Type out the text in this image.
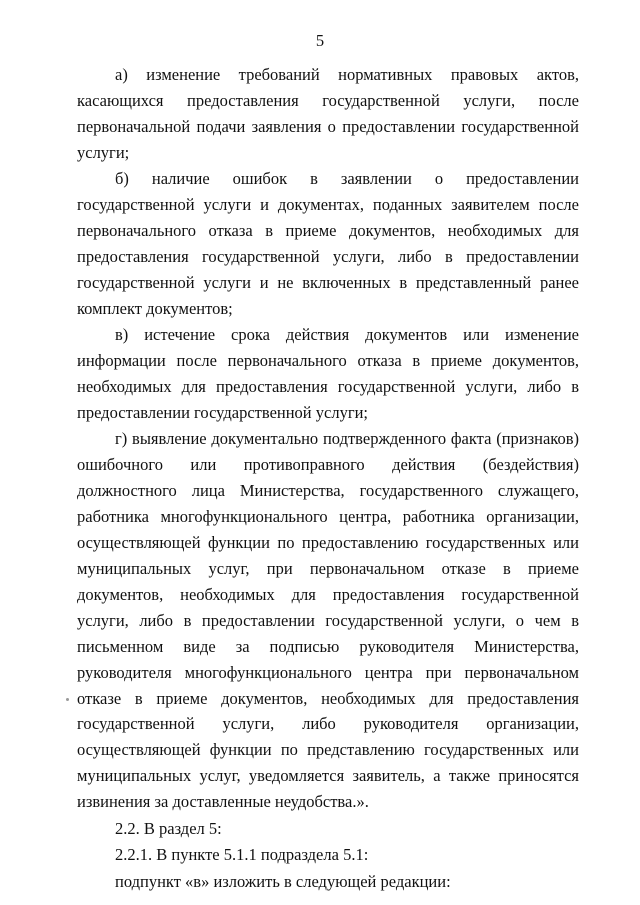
5

а) изменение требований нормативных правовых актов, касающихся предоставления государственной услуги, после первоначальной подачи заявления о предоставлении государственной услуги;

б) наличие ошибок в заявлении о предоставлении государственной услуги и документах, поданных заявителем после первоначального отказа в приеме документов, необходимых для предоставления государственной услуги, либо в предоставлении государственной услуги и не включенных в представленный ранее комплект документов;

в) истечение срока действия документов или изменение информации после первоначального отказа в приеме документов, необходимых для предоставления государственной услуги, либо в предоставлении государственной услуги;

г) выявление документально подтвержденного факта (признаков) ошибочного или противоправного действия (бездействия) должностного лица Министерства, государственного служащего, работника многофункционального центра, работника организации, осуществляющей функции по предоставлению государственных или муниципальных услуг, при первоначальном отказе в приеме документов, необходимых для предоставления государственной услуги, либо в предоставлении государственной услуги, о чем в письменном виде за подписью руководителя Министерства, руководителя многофункционального центра при первоначальном отказе в приеме документов, необходимых для предоставления государственной услуги, либо руководителя организации, осуществляющей функции по представлению государственных или муниципальных услуг, уведомляется заявитель, а также приносятся извинения за доставленные неудобства.».

2.2. В раздел 5:

2.2.1. В пункте 5.1.1 подраздела 5.1:

подпункт «в» изложить в следующей редакции:
